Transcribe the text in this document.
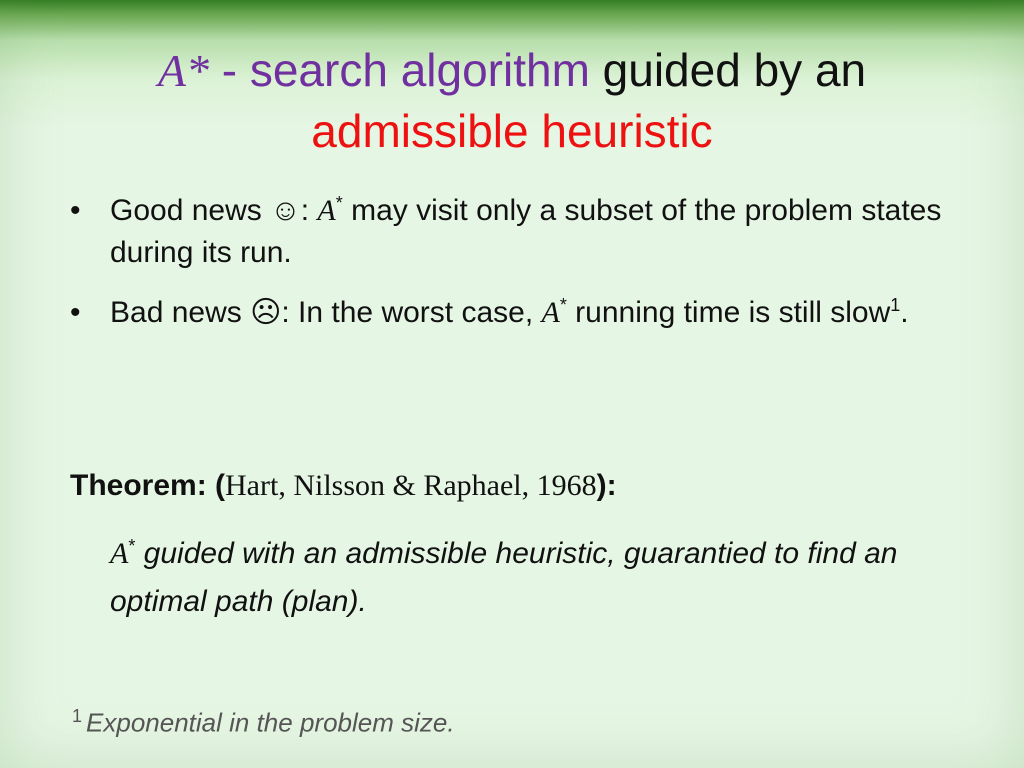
A* - search algorithm guided by an
admissible heuristic
• Good news ☺: A* may visit only a subset of the problem states during its run.
• Bad news ☹: In the worst case, A* running time is still slow$^1$.
Theorem: (Hart, Nilsson & Raphael, 1968):
A* guided with an admissible heuristic, guarantied to find an optimal path (plan).
$^1$ Exponential in the problem size.
